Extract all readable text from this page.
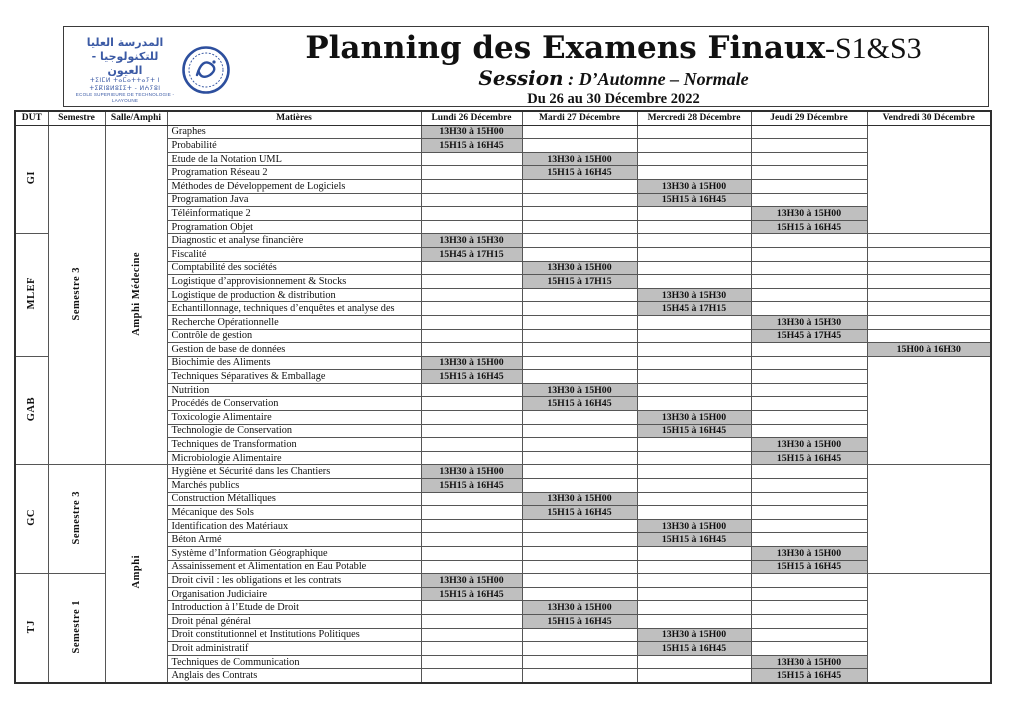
المدرسة العليا للتكنولوجيا - العيون
ⵜⵉⵏⵎⵍ ⵜⴰⵎⴰⵜⵜⴰⵢⵜ ⵏ ⵜⵉⴽⵏⵓⵍⵓⵊⵉⵜ - ⵍⵄⵢⵓⵏ
ECOLE SUPERIEURE DE TECHNOLOGIE - LAAYOUNE
Planning des Examens Finaux-S1&S3
Session : D’Automne – Normale
Du 26 au 30 Décembre 2022
DUT	Semestre	Salle/Amphi	Matières	Lundi 26 Décembre	Mardi 27 Décembre	Mercredi 28 Décembre	Jeudi 29 Décembre	Vendredi 30 Décembre
GI	Semestre 3	Amphi Médecine	Graphes	13H30 à 15H00				
			Probabilité	15H15 à 16H45				
			Etude de la Notation UML		13H30 à 15H00			
			Programation Réseau 2		15H15 à 16H45			
			Méthodes de Développement de Logiciels			13H30 à 15H00		
			Programation Java			15H15 à 16H45		
			Téléinformatique 2				13H30 à 15H00	
			Programation Objet				15H15 à 16H45	
MLEF			Diagnostic et analyse financière	13H30 à 15H30				
			Fiscalité	15H45 à 17H15				
			Comptabilité des sociétés		13H30 à 15H00			
			Logistique d’approvisionnement & Stocks		15H15 à 17H15			
			Logistique de production & distribution			13H30 à 15H30		
			Echantillonnage, techniques d’enquêtes et analyse des			15H45 à 17H15		
			Recherche Opérationnelle				13H30 à 15H30	
			Contrôle de gestion				15H45 à 17H45	
			Gestion de base de données					15H00 à 16H30
GAB			Biochimie des Aliments	13H30 à 15H00				
			Techniques Séparatives & Emballage	15H15 à 16H45				
			Nutrition		13H30 à 15H00			
			Procédés de Conservation		15H15 à 16H45			
			Toxicologie Alimentaire			13H30 à 15H00		
			Technologie de Conservation			15H15 à 16H45		
			Techniques de Transformation				13H30 à 15H00	
			Microbiologie Alimentaire				15H15 à 16H45	
GC	Semestre 3	Amphi	Hygiène et Sécurité dans les Chantiers	13H30 à 15H00				
			Marchés publics	15H15 à 16H45				
			Construction Métalliques		13H30 à 15H00			
			Mécanique des Sols		15H15 à 16H45			
			Identification des Matériaux			13H30 à 15H00		
			Béton Armé			15H15 à 16H45		
			Système d’Information Géographique				13H30 à 15H00	
			Assainissement et Alimentation en Eau Potable				15H15 à 16H45	
TJ	Semestre 1		Droit civil : les obligations et les contrats	13H30 à 15H00				
			Organisation Judiciaire	15H15 à 16H45				
			Introduction à l’Etude de Droit		13H30 à 15H00			
			Droit pénal général		15H15 à 16H45			
			Droit constitutionnel et Institutions Politiques			13H30 à 15H00		
			Droit administratif			15H15 à 16H45		
			Techniques de Communication				13H30 à 15H00	
			Anglais des Contrats				15H15 à 16H45	
